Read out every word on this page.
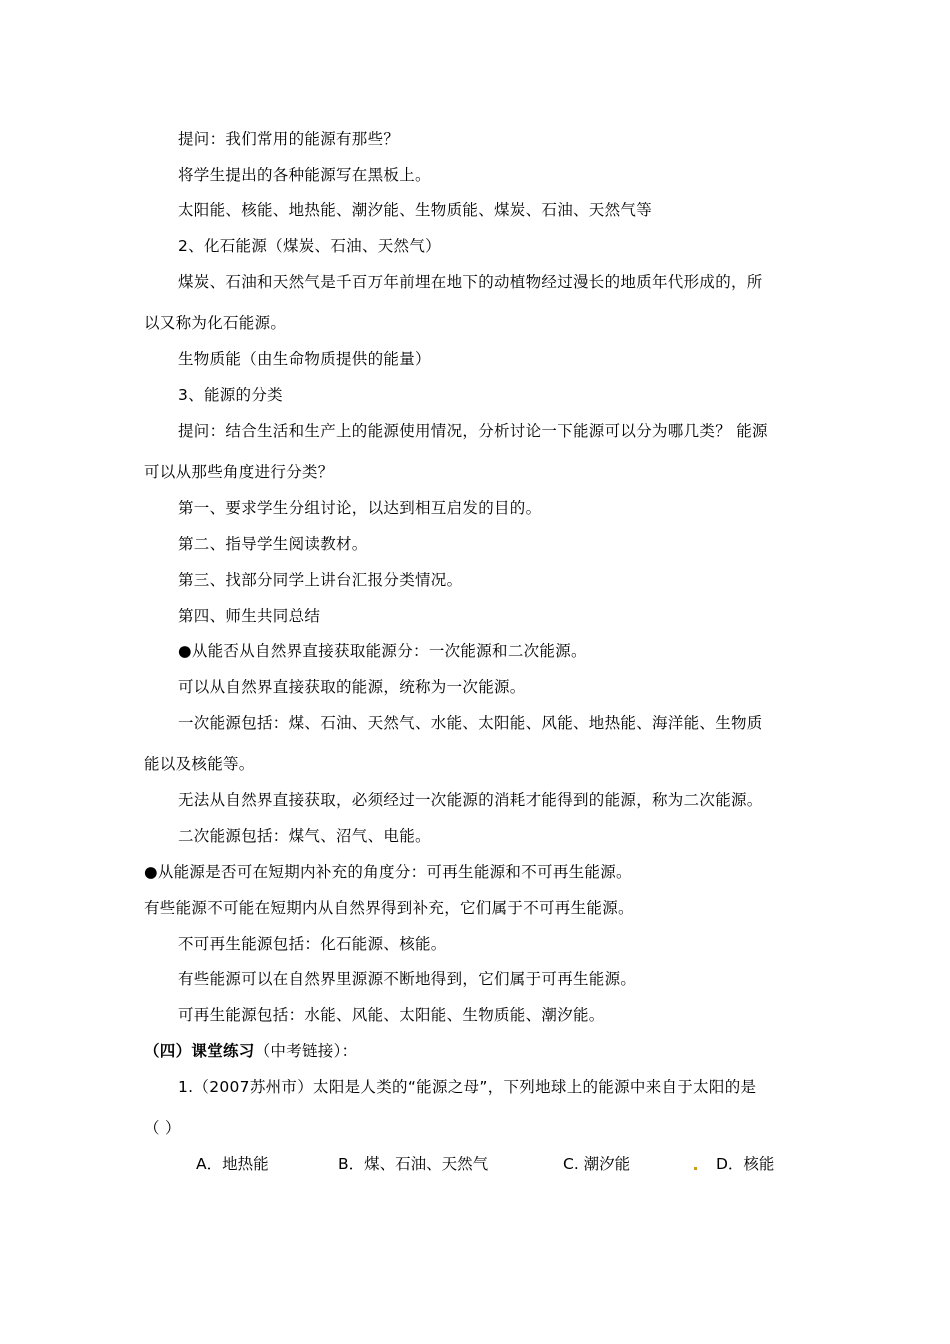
提问：我们常用的能源有那些？
将学生提出的各种能源写在黑板上。
太阳能、核能、地热能、潮汐能、生物质能、煤炭、石油、天然气等
2、化石能源（煤炭、石油、天然气）
煤炭、石油和天然气是千百万年前埋在地下的动植物经过漫长的地质年代形成的，所
以又称为化石能源。
生物质能（由生命物质提供的能量）
3、能源的分类
提问：结合生活和生产上的能源使用情况，分析讨论一下能源可以分为哪几类？ 能源
可以从那些角度进行分类？
第一、要求学生分组讨论，以达到相互启发的目的。
第二、指导学生阅读教材。
第三、找部分同学上讲台汇报分类情况。
第四、师生共同总结
●从能否从自然界直接获取能源分：一次能源和二次能源。
可以从自然界直接获取的能源，统称为一次能源。
一次能源包括：煤、石油、天然气、水能、太阳能、风能、地热能、海洋能、生物质
能以及核能等。
无法从自然界直接获取，必须经过一次能源的消耗才能得到的能源，称为二次能源。
二次能源包括：煤气、沼气、电能。
●从能源是否可在短期内补充的角度分：可再生能源和不可再生能源。
有些能源不可能在短期内从自然界得到补充，它们属于不可再生能源。
不可再生能源包括：化石能源、核能。
有些能源可以在自然界里源源不断地得到，它们属于可再生能源。
可再生能源包括：水能、风能、太阳能、生物质能、潮汐能。
（四）课堂练习（中考链接）：
1.（2007苏州市）太阳是人类的“能源之母”，下列地球上的能源中来自于太阳的是
（ ）
A．地热能	B．煤、石油、天然气	C. 潮汐能	D．核能
